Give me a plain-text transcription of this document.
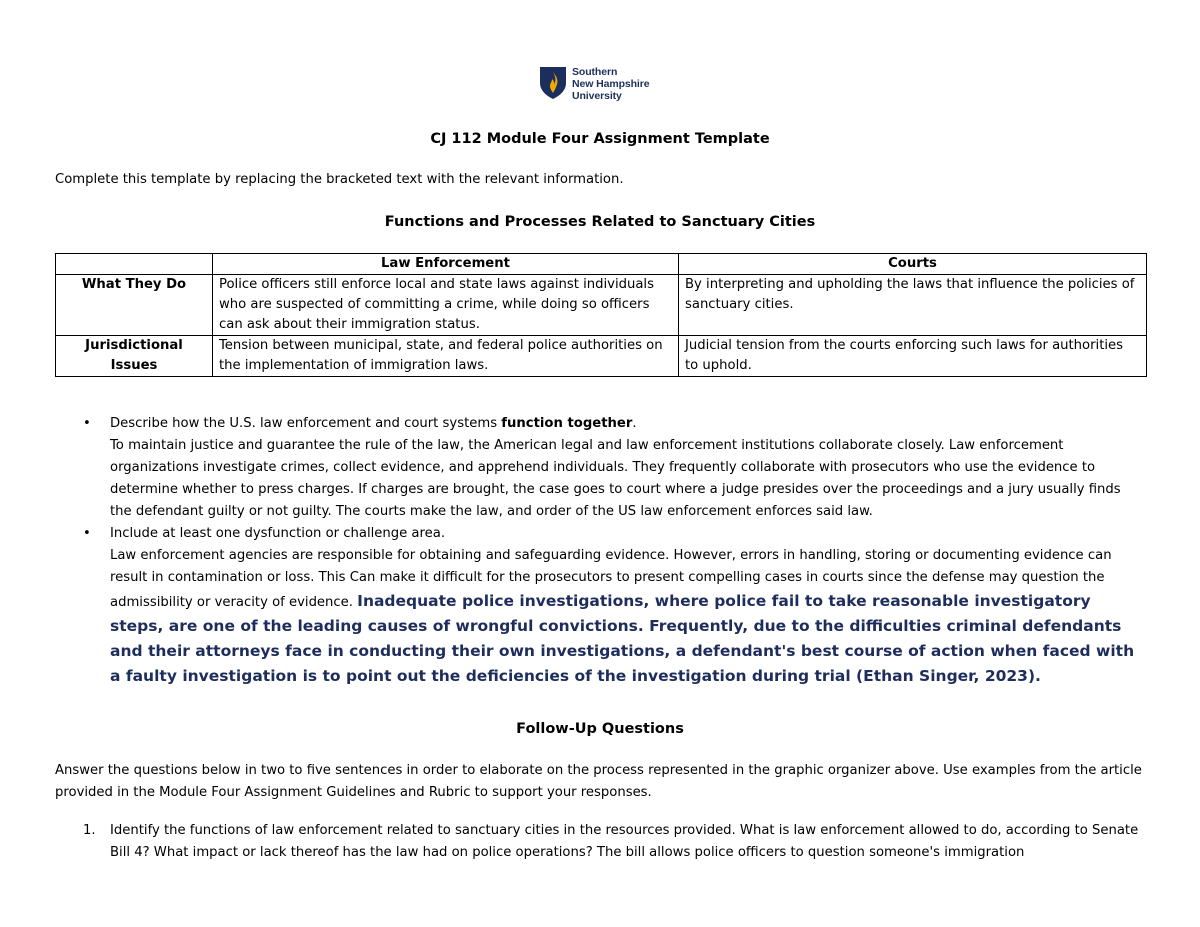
Southern
New Hampshire
University
CJ 112 Module Four Assignment Template
Complete this template by replacing the bracketed text with the relevant information.
Functions and Processes Related to Sanctuary Cities
	Law Enforcement	Courts
What They Do	Police officers still enforce local and state laws against individuals who are suspected of committing a crime, while doing so officers can ask about their immigration status.	By interpreting and upholding the laws that influence the policies of sanctuary cities.
Jurisdictional Issues	Tension between municipal, state, and federal police authorities on the implementation of immigration laws.	Judicial tension from the courts enforcing such laws for authorities to uphold.
• Describe how the U.S. law enforcement and court systems function together.

To maintain justice and guarantee the rule of the law, the American legal and law enforcement institutions collaborate closely. Law enforcement organizations investigate crimes, collect evidence, and apprehend individuals. They frequently collaborate with prosecutors who use the evidence to determine whether to press charges. If charges are brought, the case goes to court where a judge presides over the proceedings and a jury usually finds the defendant guilty or not guilty. The courts make the law, and order of the US law enforcement enforces said law.

• Include at least one dysfunction or challenge area.

Law enforcement agencies are responsible for obtaining and safeguarding evidence. However, errors in handling, storing or documenting evidence can result in contamination or loss. This Can make it difficult for the prosecutors to present compelling cases in courts since the defense may question the admissibility or veracity of evidence. Inadequate police investigations, where police fail to take reasonable investigatory steps, are one of the leading causes of wrongful convictions. Frequently, due to the difficulties criminal defendants and their attorneys face in conducting their own investigations, a defendant's best course of action when faced with a faulty investigation is to point out the deficiencies of the investigation during trial (Ethan Singer, 2023).

Follow-Up Questions
Answer the questions below in two to five sentences in order to elaborate on the process represented in the graphic organizer above. Use examples from the article provided in the Module Four Assignment Guidelines and Rubric to support your responses.
1. Identify the functions of law enforcement related to sanctuary cities in the resources provided. What is law enforcement allowed to do, according to Senate Bill 4? What impact or lack thereof has the law had on police operations? The bill allows police officers to question someone's immigration
